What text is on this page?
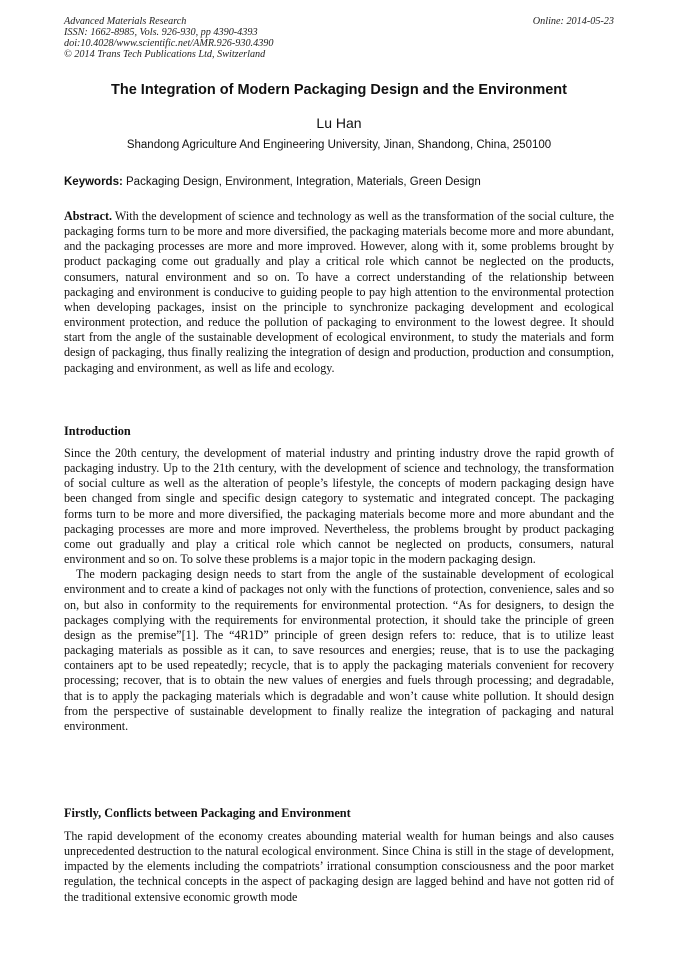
Advanced Materials Research
ISSN: 1662-8985, Vols. 926-930, pp 4390-4393
doi:10.4028/www.scientific.net/AMR.926-930.4390
© 2014 Trans Tech Publications Ltd, Switzerland
Online: 2014-05-23
The Integration of Modern Packaging Design and the Environment
Lu Han
Shandong Agriculture And Engineering University, Jinan, Shandong, China, 250100
Keywords: Packaging Design, Environment, Integration, Materials, Green Design

Abstract. With the development of science and technology as well as the transformation of the social culture, the packaging forms turn to be more and more diversified, the packaging materials become more and more abundant, and the packaging processes are more and more improved. However, along with it, some problems brought by product packaging come out gradually and play a critical role which cannot be neglected on the products, consumers, natural environment and so on. To have a correct understanding of the relationship between packaging and environment is conducive to guiding people to pay high attention to the environmental protection when developing packages, insist on the principle to synchronize packaging development and ecological environment protection, and reduce the pollution of packaging to environment to the lowest degree. It should start from the angle of the sustainable development of ecological environment, to study the materials and form design of packaging, thus finally realizing the integration of design and production, production and consumption, packaging and environment, as well as life and ecology.

Introduction

Since the 20th century, the development of material industry and printing industry drove the rapid growth of packaging industry. Up to the 21th century, with the development of science and technology, the transformation of social culture as well as the alteration of people’s lifestyle, the concepts of modern packaging design have been changed from single and specific design category to systematic and integrated concept. The packaging forms turn to be more and more diversified, the packaging materials become more and more abundant and the packaging processes are more and more improved. Nevertheless, the problems brought by product packaging come out gradually and play a critical role which cannot be neglected on products, consumers, natural environment and so on. To solve these problems is a major topic in the modern packaging design.

The modern packaging design needs to start from the angle of the sustainable development of ecological environment and to create a kind of packages not only with the functions of protection, convenience, sales and so on, but also in conformity to the requirements for environmental protection. “As for designers, to design the packages complying with the requirements for environmental protection, it should take the principle of green design as the premise”[1]. The “4R1D” principle of green design refers to: reduce, that is to utilize least packaging materials as possible as it can, to save resources and energies; reuse, that is to use the packaging containers apt to be used repeatedly; recycle, that is to apply the packaging materials convenient for recovery processing; recover, that is to obtain the new values of energies and fuels through processing; and degradable, that is to apply the packaging materials which is degradable and won’t cause white pollution. It should design from the perspective of sustainable development to finally realize the integration of packaging and natural environment.

Firstly, Conflicts between Packaging and Environment

The rapid development of the economy creates abounding material wealth for human beings and also causes unprecedented destruction to the natural ecological environment. Since China is still in the stage of development, impacted by the elements including the compatriots’ irrational consumption consciousness and the poor market regulation, the technical concepts in the aspect of packaging design are lagged behind and have not gotten rid of the traditional extensive economic growth mode
